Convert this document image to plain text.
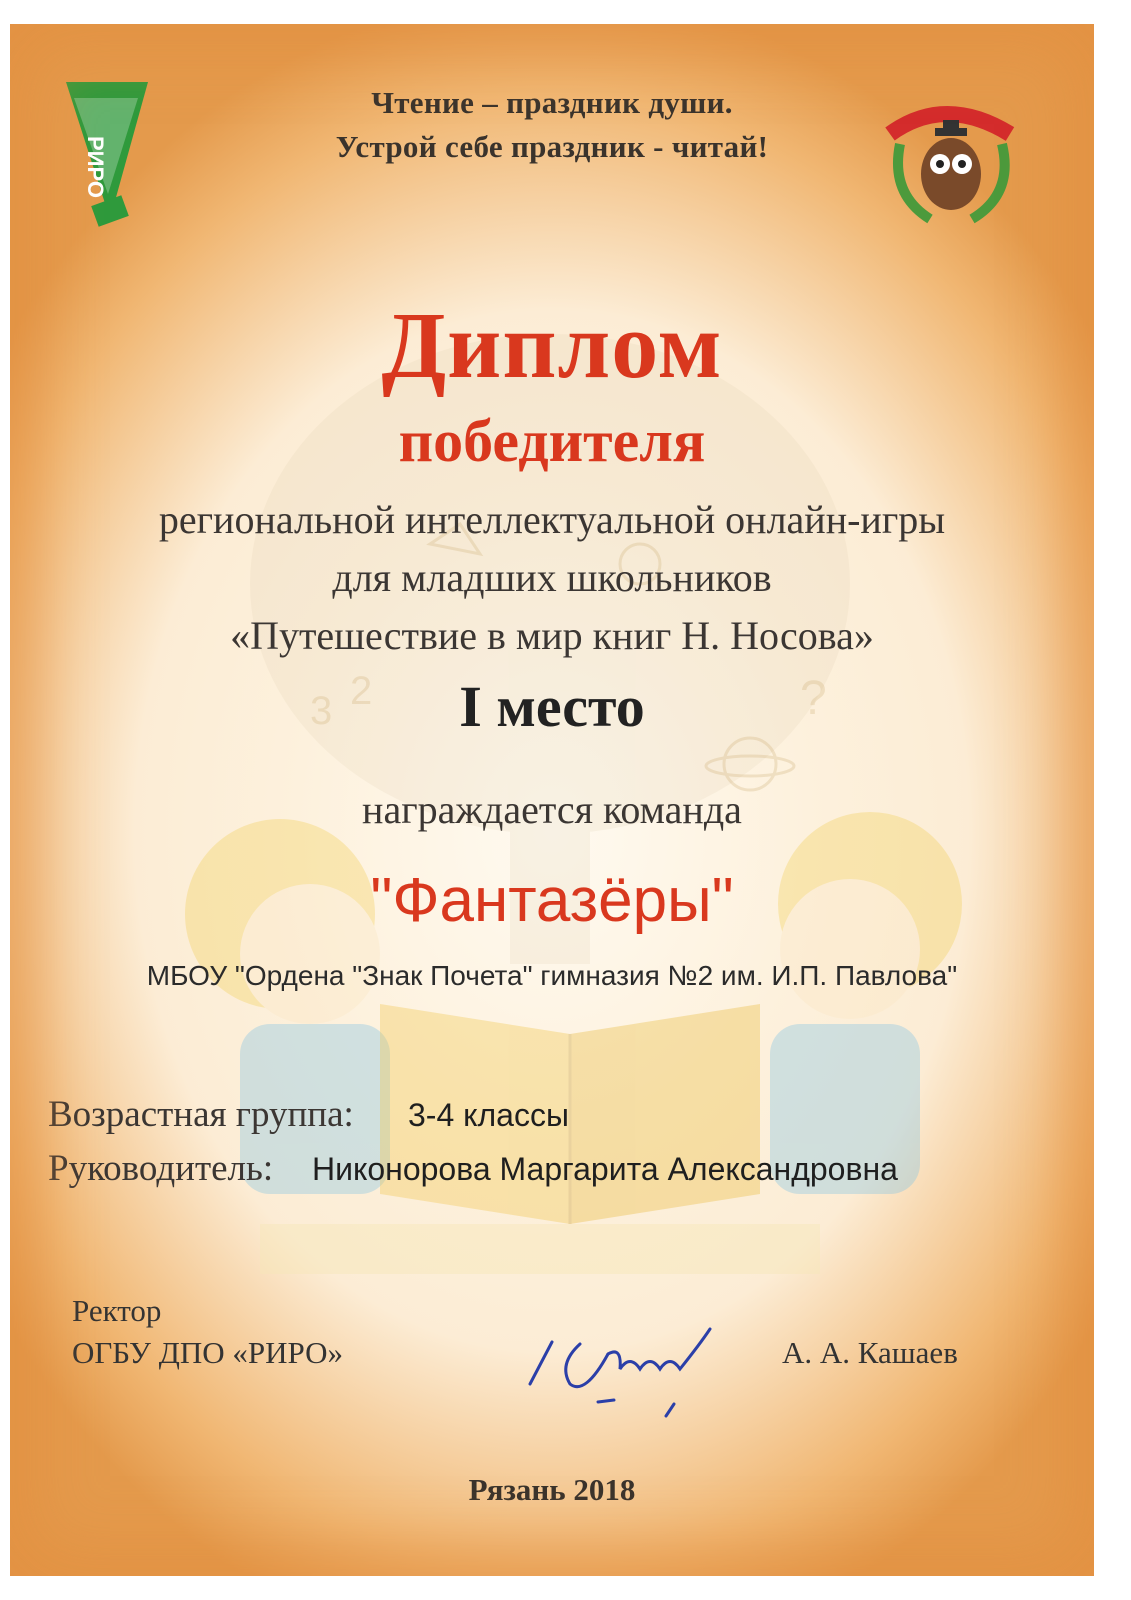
3 2	?
РИРО
Чтение – праздник души.
Устрой себе праздник - читай!
Диплом
победителя
региональной интеллектуальной онлайн-игры
для младших школьников
«Путешествие в мир книг Н. Носова»
I место
награждается команда
"Фантазёры"
МБОУ "Ордена "Знак Почета" гимназия №2 им. И.П. Павлова"
Возрастная группа: 3-4 классы
Руководитель: Никонорова Маргарита Александровна
Ректор
ОГБУ ДПО «РИРО»	А. А. Кашаев
Рязань 2018
